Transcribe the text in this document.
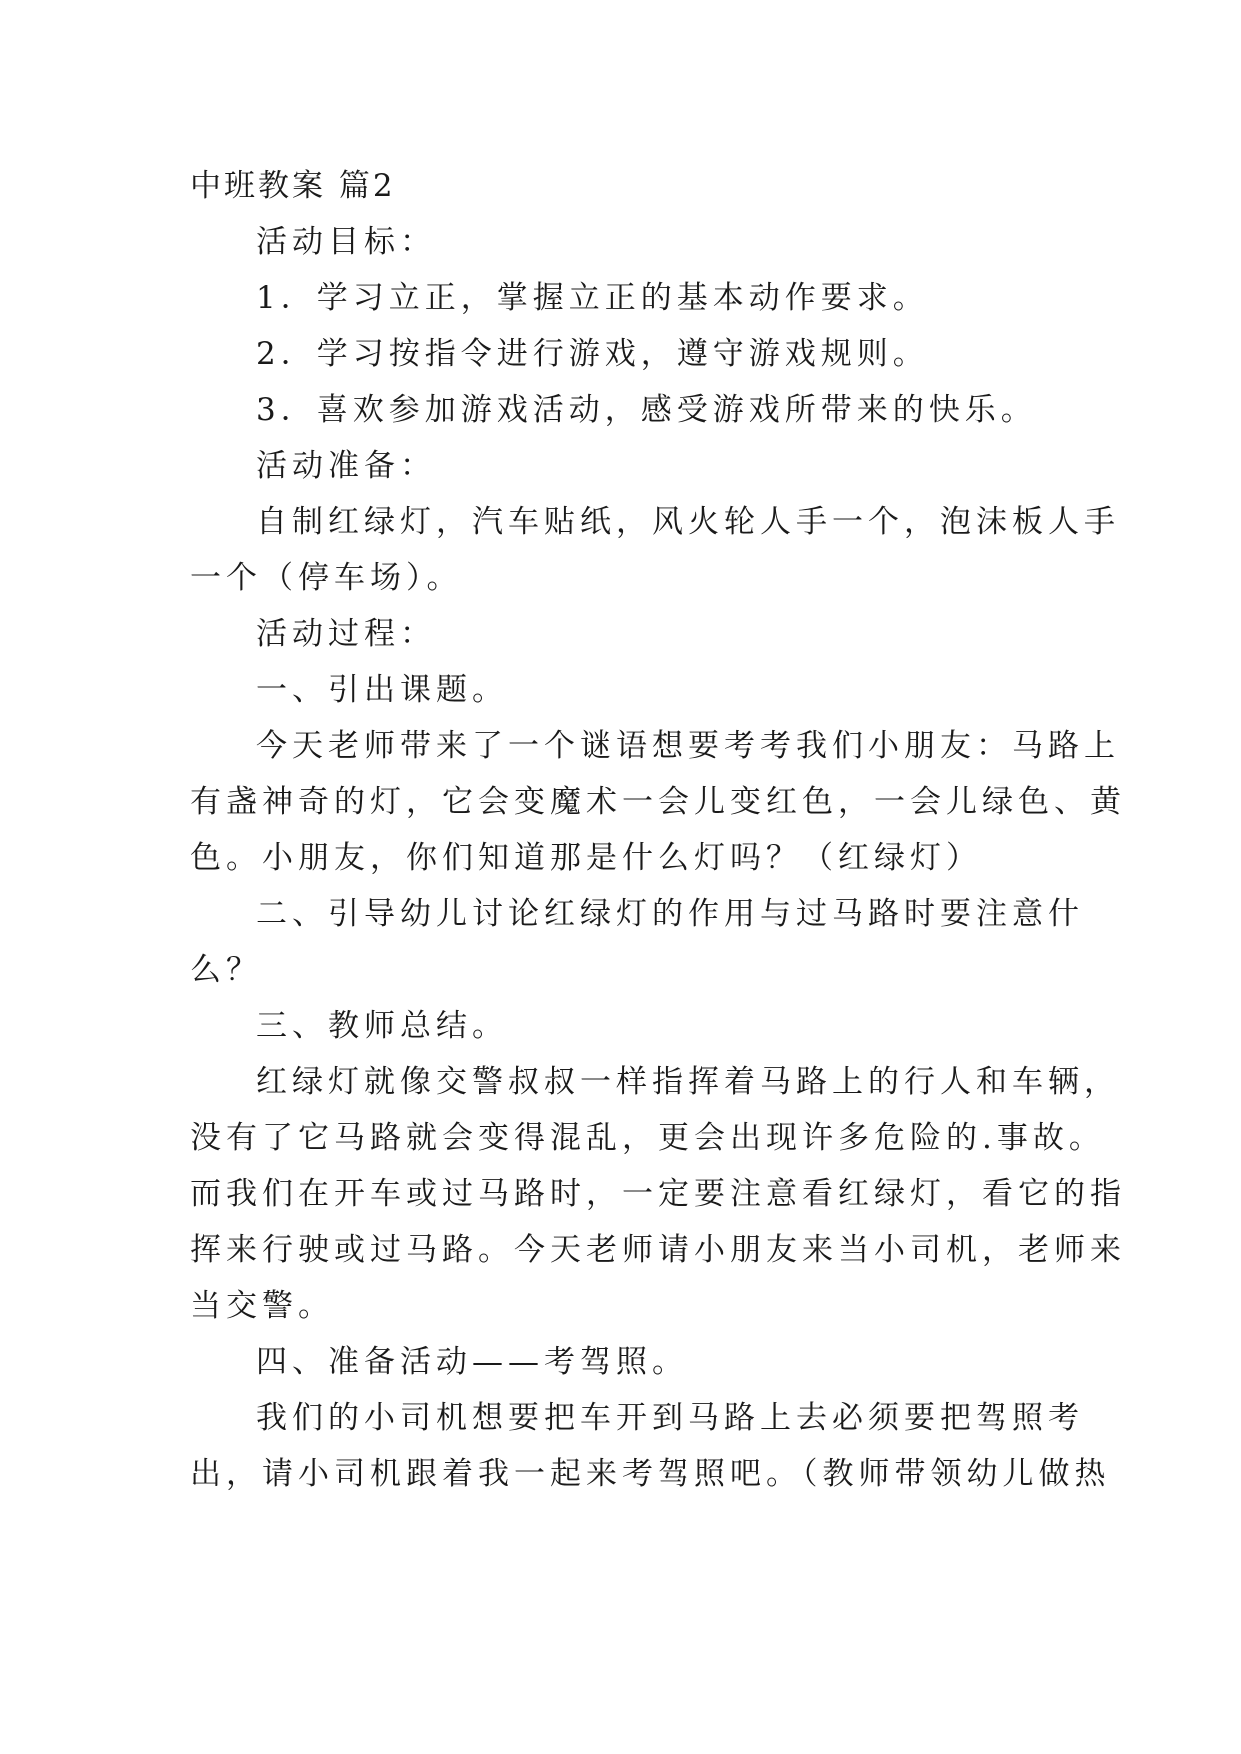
中班教案 篇2
活动目标：
1．学习立正，掌握立正的基本动作要求。
2．学习按指令进行游戏，遵守游戏规则。
3．喜欢参加游戏活动，感受游戏所带来的快乐。
活动准备：
自制红绿灯，汽车贴纸，风火轮人手一个，泡沫板人手
一个（停车场）。
活动过程：
一、引出课题。
今天老师带来了一个谜语想要考考我们小朋友：马路上
有盏神奇的灯，它会变魔术一会儿变红色，一会儿绿色、黄
色。小朋友，你们知道那是什么灯吗？（红绿灯）
二、引导幼儿讨论红绿灯的作用与过马路时要注意什
么？
三、教师总结。
红绿灯就像交警叔叔一样指挥着马路上的行人和车辆，
没有了它马路就会变得混乱，更会出现许多危险的.事故。
而我们在开车或过马路时，一定要注意看红绿灯，看它的指
挥来行驶或过马路。今天老师请小朋友来当小司机，老师来
当交警。
四、准备活动——考驾照。
我们的小司机想要把车开到马路上去必须要把驾照考
出，请小司机跟着我一起来考驾照吧。（教师带领幼儿做热
